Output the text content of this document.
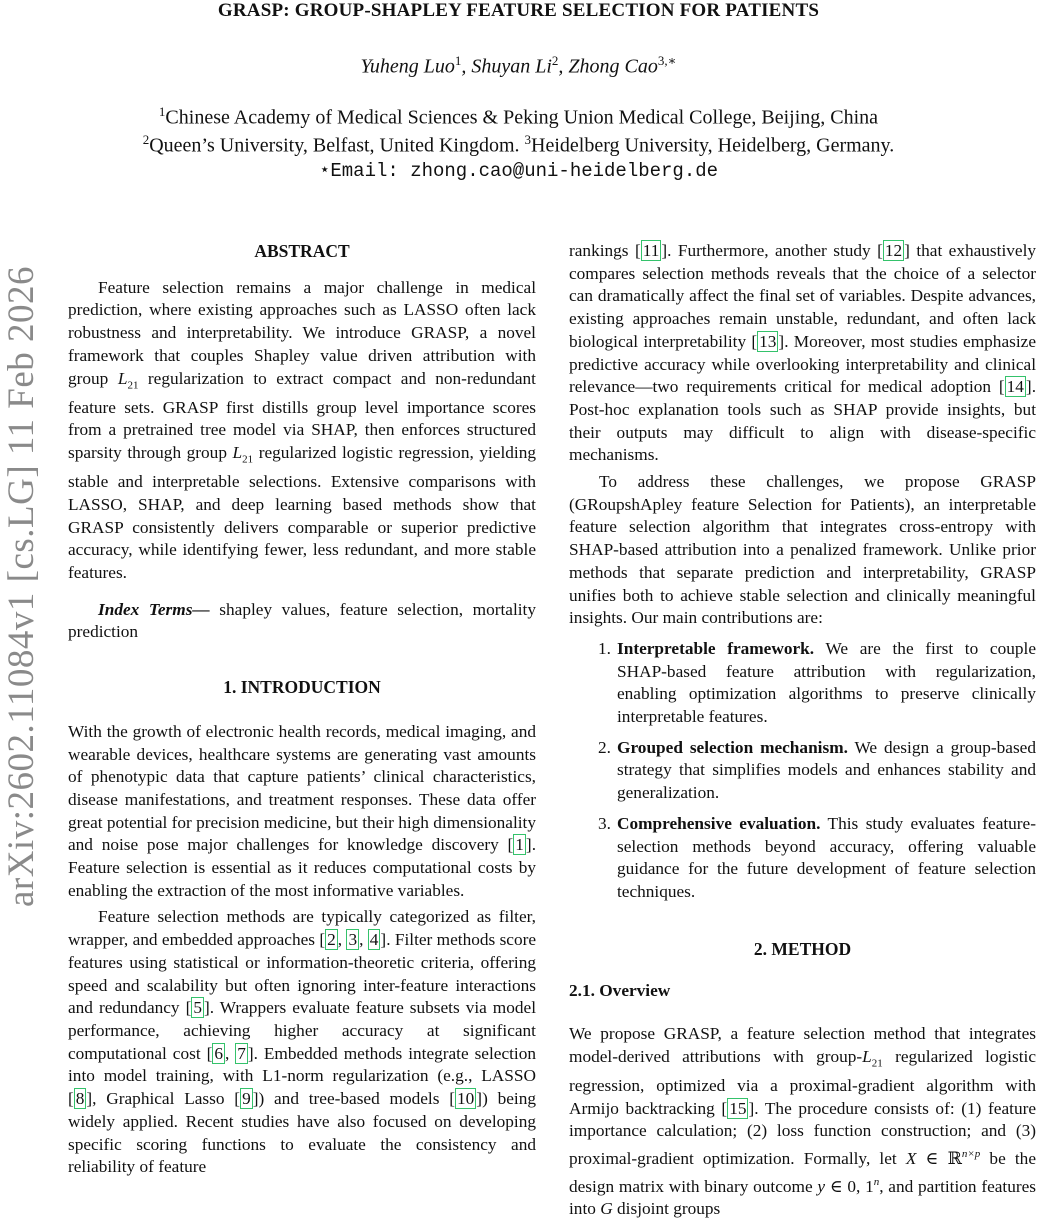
arXiv:2602.11084v1 [cs.LG] 11 Feb 2026
GRASP: GROUP-SHAPLEY FEATURE SELECTION FOR PATIENTS
Yuheng Luo$^1$, Shuyan Li$^2$, Zhong Cao$^{3,∗}$
$^1$Chinese Academy of Medical Sciences & Peking Union Medical College, Beijing, China
$^2$Queen’s University, Belfast, United Kingdom. $^3$Heidelberg University, Heidelberg, Germany.
⋆Email: zhong.cao@uni-heidelberg.de

ABSTRACT

Feature selection remains a major challenge in medical prediction, where existing approaches such as LASSO often lack robustness and interpretability. We introduce GRASP, a novel framework that couples Shapley value driven attribution with group $L_{21}$ regularization to extract compact and non-redundant feature sets. GRASP first distills group level importance scores from a pretrained tree model via SHAP, then enforces structured sparsity through group $L_{21}$ regularized logistic regression, yielding stable and interpretable selections. Extensive comparisons with LASSO, SHAP, and deep learning based methods show that GRASP consistently delivers comparable or superior predictive accuracy, while identifying fewer, less redundant, and more stable features.

Index Terms— shapley values, feature selection, mortality prediction

1. INTRODUCTION

With the growth of electronic health records, medical imaging, and wearable devices, healthcare systems are generating vast amounts of phenotypic data that capture patients’ clinical characteristics, disease manifestations, and treatment responses. These data offer great potential for precision medicine, but their high dimensionality and noise pose major challenges for knowledge discovery [ 1 ]. Feature selection is essential as it reduces computational costs by enabling the extraction of the most informative variables.

Feature selection methods are typically categorized as filter, wrapper, and embedded approaches [ 2 , 3 , 4 ]. Filter methods score features using statistical or information-theoretic criteria, offering speed and scalability but often ignoring inter-feature interactions and redundancy [ 5 ]. Wrappers evaluate feature subsets via model performance, achieving higher accuracy at significant computational cost [ 6 , 7 ]. Embedded methods integrate selection into model training, with L1-norm regularization (e.g., LASSO [ 8 ], Graphical Lasso [ 9 ]) and tree-based models [ 10 ]) being widely applied. Recent studies have also focused on developing specific scoring functions to evaluate the consistency and reliability of feature

rankings [ 11 ]. Furthermore, another study [ 12 ] that exhaustively compares selection methods reveals that the choice of a selector can dramatically affect the final set of variables. Despite advances, existing approaches remain unstable, redundant, and often lack biological interpretability [ 13 ]. Moreover, most studies emphasize predictive accuracy while overlooking interpretability and clinical relevance—two requirements critical for medical adoption [ 14 ]. Post-hoc explanation tools such as SHAP provide insights, but their outputs may difficult to align with disease-specific mechanisms.

To address these challenges, we propose GRASP (GRoupshApley feature Selection for Patients), an interpretable feature selection algorithm that integrates cross-entropy with SHAP-based attribution into a penalized framework. Unlike prior methods that separate prediction and interpretability, GRASP unifies both to achieve stable selection and clinically meaningful insights. Our main contributions are:

1. Interpretable framework. We are the first to couple SHAP-based feature attribution with regularization, enabling optimization algorithms to preserve clinically interpretable features.
2. Grouped selection mechanism. We design a group-based strategy that simplifies models and enhances stability and generalization.
3. Comprehensive evaluation. This study evaluates feature-selection methods beyond accuracy, offering valuable guidance for the future development of feature selection techniques.

2. METHOD

2.1. Overview

We propose GRASP, a feature selection method that integrates model-derived attributions with group-$L_{21}$ regularized logistic regression, optimized via a proximal-gradient algorithm with Armijo backtracking [ 15 ]. The procedure consists of: (1) feature importance calculation; (2) loss function construction; and (3) proximal-gradient optimization. Formally, let X ∈ ℝ$^{n\times p}$ be the design matrix with binary outcome y ∈ 0, 1$^n$, and partition features into G disjoint groups
